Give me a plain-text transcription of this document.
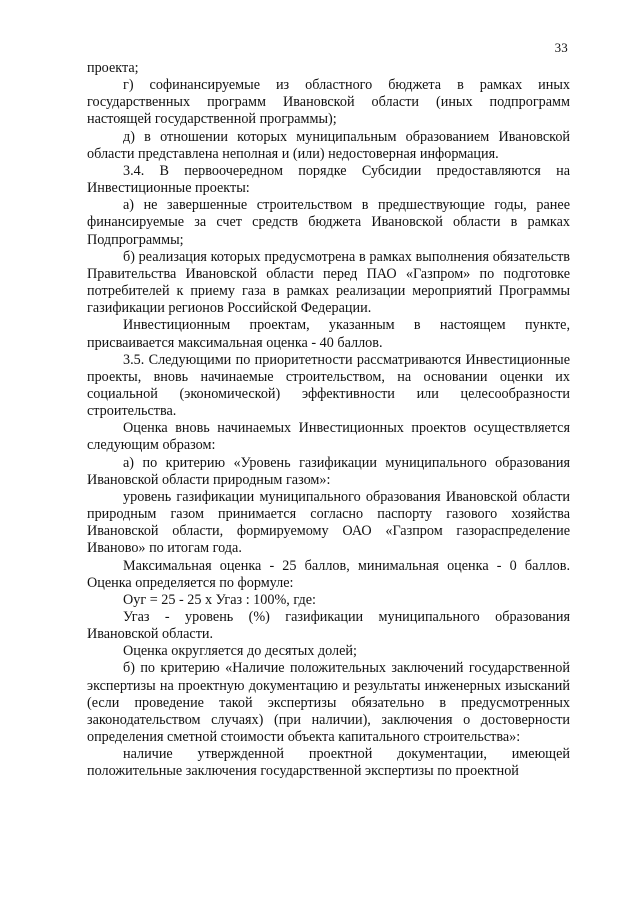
33

проекта;

г) софинансируемые из областного бюджета в рамках иных государственных программ Ивановской области (иных подпрограмм настоящей государственной программы);

д) в отношении которых муниципальным образованием Ивановской области представлена неполная и (или) недостоверная информация.

3.4. В первоочередном порядке Субсидии предоставляются на Инвестиционные проекты:

а) не завершенные строительством в предшествующие годы, ранее финансируемые за счет средств бюджета Ивановской области в рамках Подпрограммы;

б) реализация которых предусмотрена в рамках выполнения обязательств Правительства Ивановской области перед ПАО «Газпром» по подготовке потребителей к приему газа в рамках реализации мероприятий Программы газификации регионов Российской Федерации.

Инвестиционным проектам, указанным в настоящем пункте, присваивается максимальная оценка - 40 баллов.

3.5. Следующими по приоритетности рассматриваются Инвестиционные проекты, вновь начинаемые строительством, на основании оценки их социальной (экономической) эффективности или целесообразности строительства.

Оценка вновь начинаемых Инвестиционных проектов осуществляется следующим образом:

а) по критерию «Уровень газификации муниципального образования Ивановской области природным газом»:

уровень газификации муниципального образования Ивановской области природным газом принимается согласно паспорту газового хозяйства Ивановской области, формируемому ОАО «Газпром газораспределение Иваново» по итогам года.

Максимальная оценка - 25 баллов, минимальная оценка - 0 баллов. Оценка определяется по формуле:

Оуг = 25 - 25 х Угаз : 100%, где:

Угаз - уровень (%) газификации муниципального образования Ивановской области.

Оценка округляется до десятых долей;

б) по критерию «Наличие положительных заключений государственной экспертизы на проектную документацию и результаты инженерных изысканий (если проведение такой экспертизы обязательно в предусмотренных законодательством случаях) (при наличии), заключения о достоверности определения сметной стоимости объекта капитального строительства»:

наличие утвержденной проектной документации, имеющей положительные заключения государственной экспертизы по проектной
